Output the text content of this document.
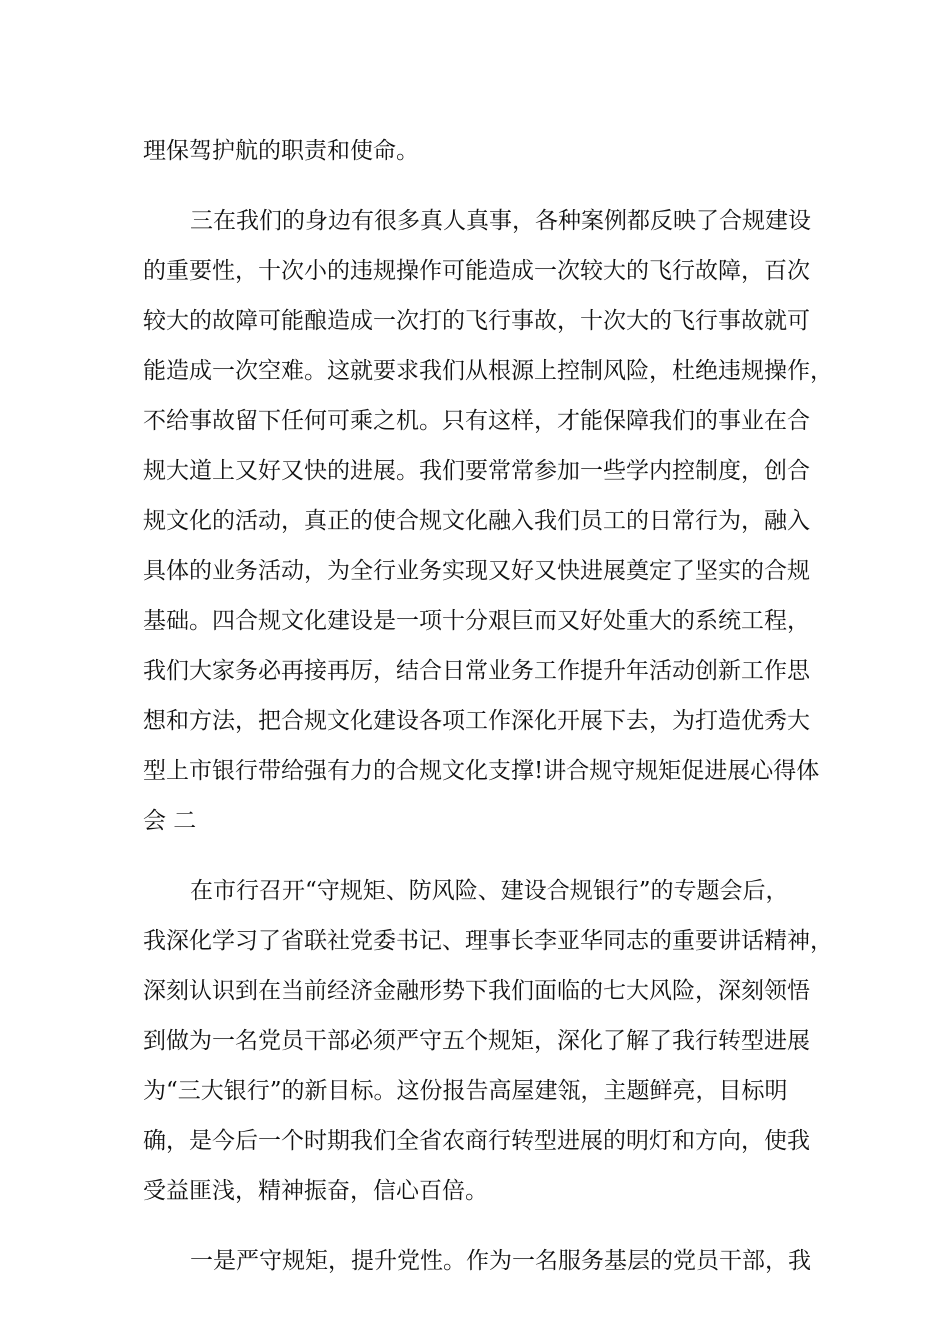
理保驾护航的职责和使命。
三在我们的身边有很多真人真事，各种案例都反映了合规建设
的重要性，十次小的违规操作可能造成一次较大的飞行故障，百次
较大的故障可能酿造成一次打的飞行事故，十次大的飞行事故就可
能造成一次空难。这就要求我们从根源上控制风险，杜绝违规操作，
不给事故留下任何可乘之机。只有这样，才能保障我们的事业在合
规大道上又好又快的进展。我们要常常参加一些学内控制度，创合
规文化的活动，真正的使合规文化融入我们员工的日常行为，融入
具体的业务活动，为全行业务实现又好又快进展奠定了坚实的合规
基础。四合规文化建设是一项十分艰巨而又好处重大的系统工程，
我们大家务必再接再厉，结合日常业务工作提升年活动创新工作思
想和方法，把合规文化建设各项工作深化开展下去，为打造优秀大
型上市银行带给强有力的合规文化支撑!讲合规守规矩促进展心得体
会 二
在市行召开“守规矩、防风险、建设合规银行”的专题会后，
我深化学习了省联社党委书记、理事长李亚华同志的重要讲话精神，
深刻认识到在当前经济金融形势下我们面临的七大风险，深刻领悟
到做为一名党员干部必须严守五个规矩，深化了解了我行转型进展
为“三大银行”的新目标。这份报告高屋建瓴，主题鲜亮，目标明
确，是今后一个时期我们全省农商行转型进展的明灯和方向，使我
受益匪浅，精神振奋，信心百倍。
一是严守规矩，提升党性。作为一名服务基层的党员干部，我
